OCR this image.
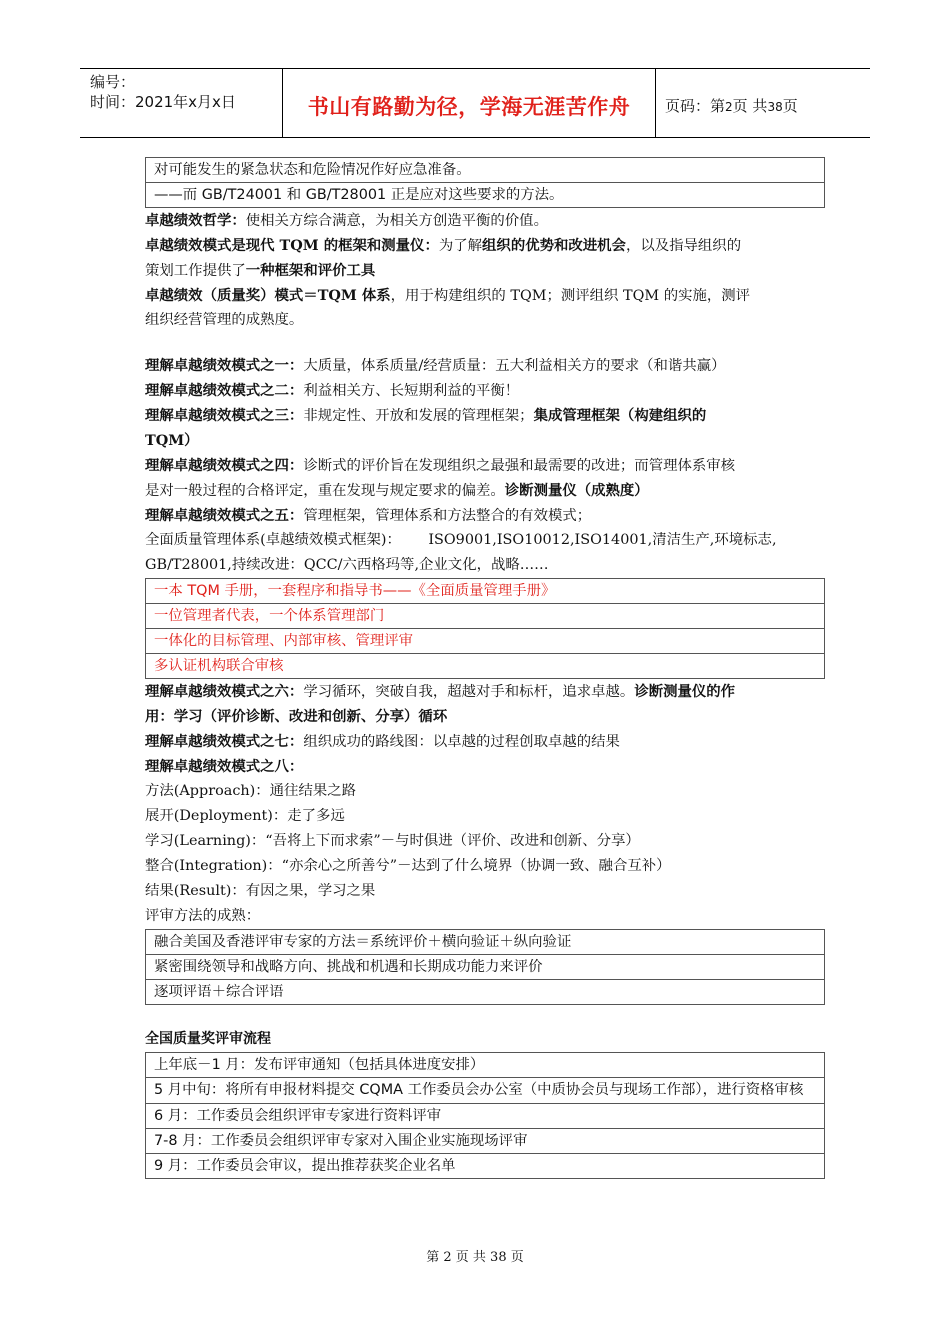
编号：
时间：2021年x月x日	书山有路勤为径，学海无涯苦作舟	页码：第2页 共38页
对可能发生的紧急状态和危险情况作好应急准备。
——而 GB/T24001 和 GB/T28001 正是应对这些要求的方法。
卓越绩效哲学：使相关方综合满意，为相关方创造平衡的价值。
卓越绩效模式是现代 TQM 的框架和测量仪：为了解组织的优势和改进机会，以及指导组织的
策划工作提供了一种框架和评价工具
卓越绩效（质量奖）模式＝TQM 体系，用于构建组织的 TQM；测评组织 TQM 的实施，测评
组织经营管理的成熟度。
理解卓越绩效模式之一：大质量，体系质量/经营质量：五大利益相关方的要求（和谐共赢）
理解卓越绩效模式之二：利益相关方、长短期利益的平衡！
理解卓越绩效模式之三：非规定性、开放和发展的管理框架；集成管理框架（构建组织的
TQM）
理解卓越绩效模式之四：诊断式的评价旨在发现组织之最强和最需要的改进；而管理体系审核
是对一般过程的合格评定，重在发现与规定要求的偏差。诊断测量仪（成熟度）
理解卓越绩效模式之五：管理框架，管理体系和方法整合的有效模式；
全面质量管理体系(卓越绩效模式框架)：      ISO9001,ISO10012,ISO14001,清洁生产,环境标志,
GB/T28001,持续改进：QCC/六西格玛等,企业文化，战略……
一本 TQM 手册，一套程序和指导书——《全面质量管理手册》
一位管理者代表，一个体系管理部门
一体化的目标管理、内部审核、管理评审
多认证机构联合审核
理解卓越绩效模式之六：学习循环，突破自我，超越对手和标杆，追求卓越。诊断测量仪的作
用：学习（评价诊断、改进和创新、分享）循环
理解卓越绩效模式之七：组织成功的路线图：以卓越的过程创取卓越的结果
理解卓越绩效模式之八：
方法(Approach)：通往结果之路
展开(Deployment)：走了多远
学习(Learning)：“吾将上下而求索”－与时俱进（评价、改进和创新、分享）
整合(Integration)：“亦余心之所善兮”－达到了什么境界（协调一致、融合互补）
结果(Result)：有因之果，学习之果
评审方法的成熟：
融合美国及香港评审专家的方法＝系统评价＋横向验证＋纵向验证
紧密围绕领导和战略方向、挑战和机遇和长期成功能力来评价
逐项评语＋综合评语
全国质量奖评审流程
上年底－1 月：发布评审通知（包括具体进度安排）
5 月中旬：将所有申报材料提交 CQMA 工作委员会办公室（中质协会员与现场工作部），进行资格审核
6 月：工作委员会组织评审专家进行资料评审
7-8 月：工作委员会组织评审专家对入围企业实施现场评审
9 月：工作委员会审议，提出推荐获奖企业名单
第 2 页 共 38 页
